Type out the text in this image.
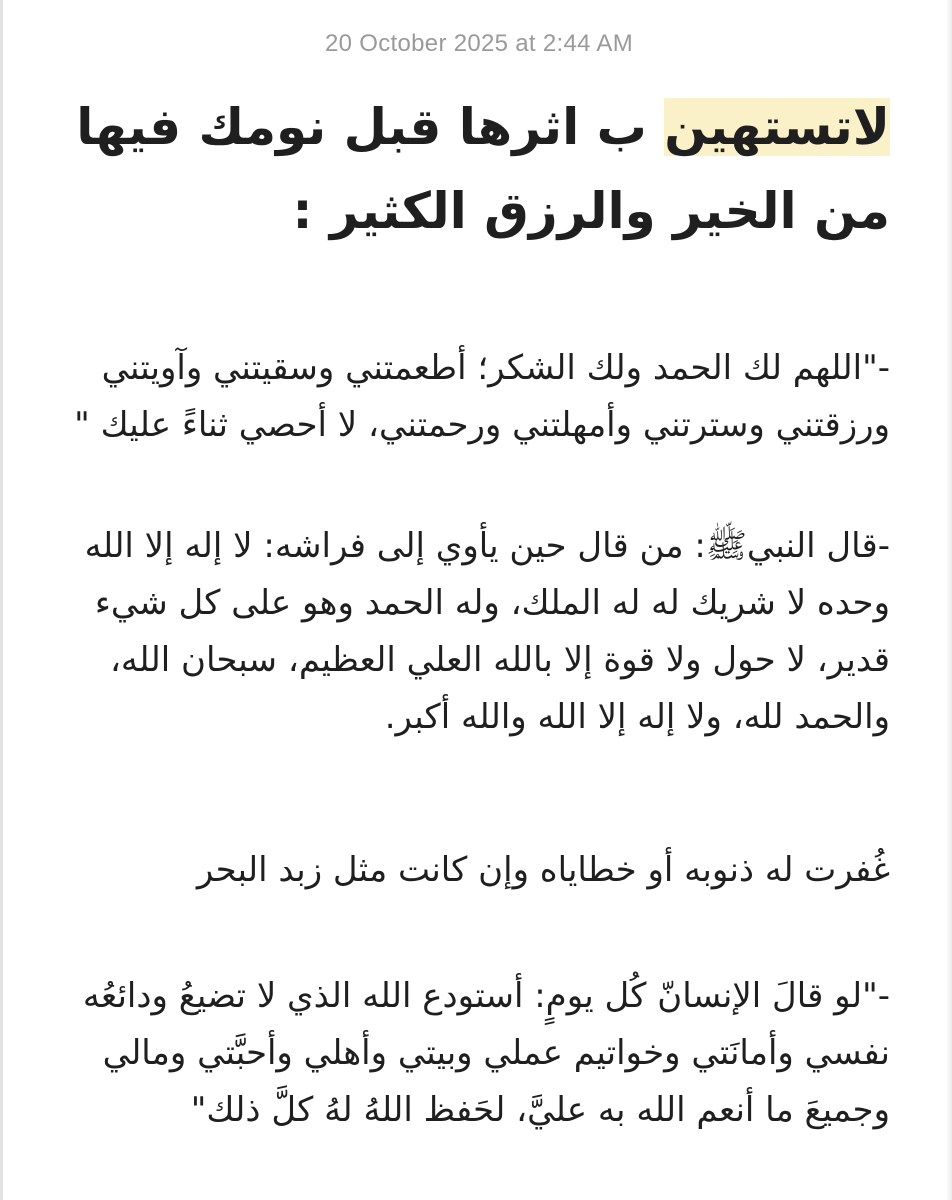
20 October 2025 at 2:44 AM
لاتستهين ب اثرها قبل نومك فيها من الخير والرزق الكثير :

-"اللهم لك الحمد ولك الشكر؛ أطعمتني وسقيتني وآويتني ورزقتني وسترتني وأمهلتني ورحمتني، لا أحصي ثناءً عليك "

-قال النبيﷺ: من قال حين يأوي إلى فراشه: لا إله إلا الله وحده لا شريك له له الملك، وله الحمد وهو على كل شيء قدير، لا حول ولا قوة إلا بالله العلي العظيم، سبحان الله، والحمد لله، ولا إله إلا الله والله أكبر.

غُفرت له ذنوبه أو خطاياه وإن كانت مثل زبد البحر

-"لو قالَ الإنسانّ كُل يومٍ: أستودع الله الذي لا تضيعُ ودائعُه نفسي وأمانَتي وخواتيم عملي وبيتي وأهلي وأحبَّتي ومالي وجميعَ ما أنعم الله به عليَّ، لحَفظ اللهُ لهُ كلَّ ذلك"
